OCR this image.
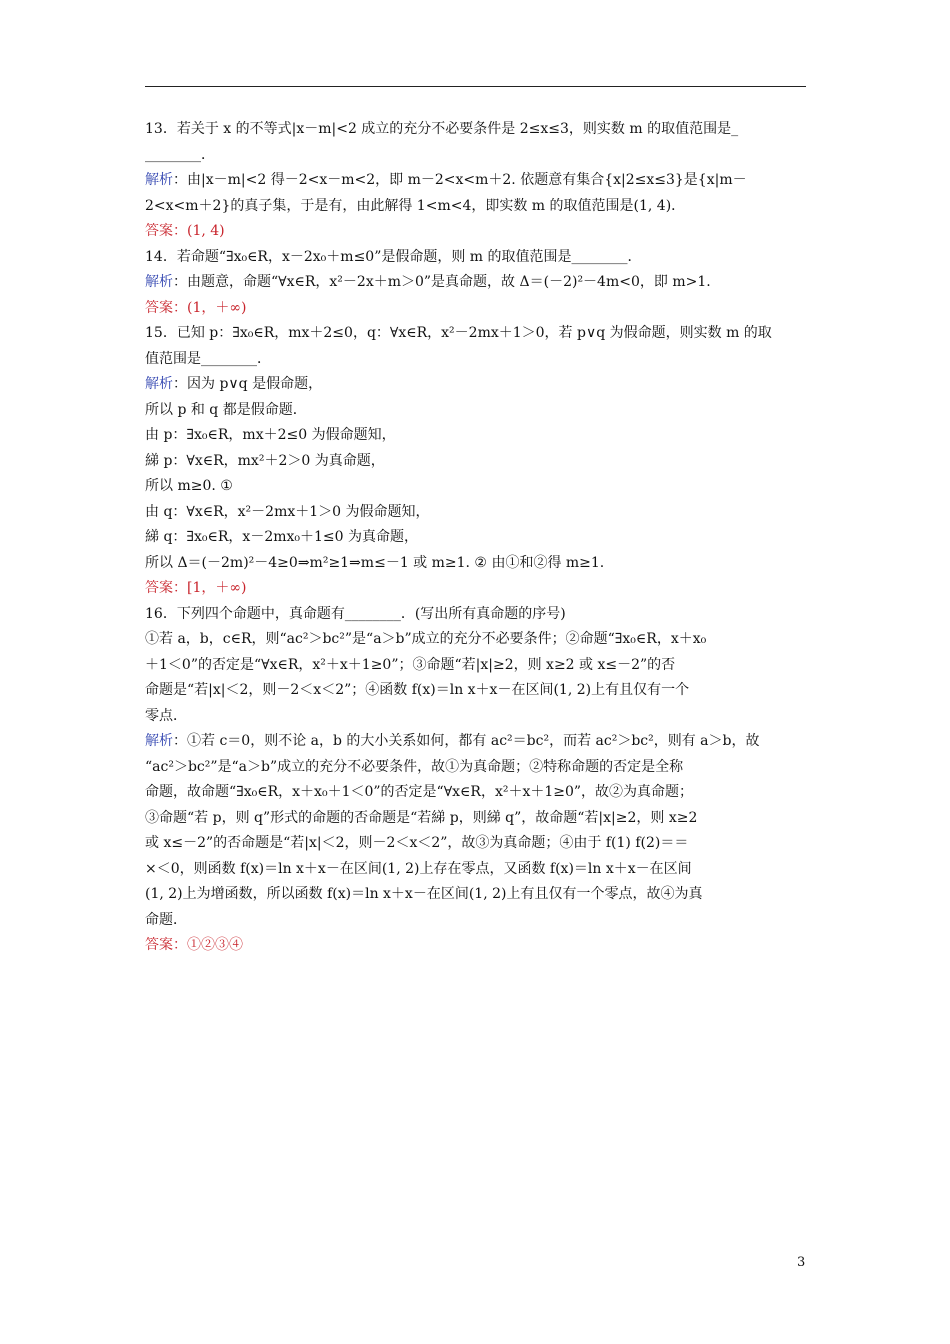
13．若关于 x 的不等式|x－m|<2 成立的充分不必要条件是 2≤x≤3，则实数 m 的取值范围是_
________．
解析：由|x－m|<2 得－2<x－m<2，即 m－2<x<m＋2. 依题意有集合{x|2≤x≤3}是{x|m－
2<x<m＋2}的真子集，于是有，由此解得 1<m<4，即实数 m 的取值范围是(1, 4)．
答案：(1, 4)
14．若命题“∃x₀∈R，x－2x₀＋m≤0”是假命题，则 m 的取值范围是________．
解析：由题意，命题“∀x∈R，x²－2x＋m＞0”是真命题，故 Δ＝(－2)²－4m<0，即 m>1.
答案：(1，＋∞)
15．已知 p：∃x₀∈R，mx＋2≤0，q：∀x∈R，x²－2mx＋1＞0，若 p∨q 为假命题，则实数 m 的取
值范围是________．
解析：因为 p∨q 是假命题，
所以 p 和 q 都是假命题．
由 p：∃x₀∈R，mx＋2≤0 为假命题知，
綈 p：∀x∈R，mx²＋2＞0 为真命题，
所以 m≥0. ①
由 q：∀x∈R，x²－2mx＋1＞0 为假命题知，
綈 q：∃x₀∈R，x－2mx₀＋1≤0 为真命题，
所以 Δ＝(－2m)²－4≥0⇒m²≥1⇒m≤－1 或 m≥1. ② 由①和②得 m≥1.
答案：[1，＋∞)
16．下列四个命题中，真命题有________．(写出所有真命题的序号)
①若 a，b，c∈R，则“ac²＞bc²”是“a＞b”成立的充分不必要条件；②命题“∃x₀∈R，x＋x₀
＋1＜0”的否定是“∀x∈R，x²＋x＋1≥0”；③命题“若|x|≥2，则 x≥2 或 x≤－2”的否
命题是“若|x|＜2，则－2＜x＜2”；④函数 f(x)＝ln x＋x－在区间(1, 2)上有且仅有一个
零点．
解析：①若 c＝0，则不论 a，b 的大小关系如何，都有 ac²＝bc²，而若 ac²＞bc²，则有 a＞b，故
“ac²＞bc²”是“a＞b”成立的充分不必要条件，故①为真命题；②特称命题的否定是全称
命题，故命题“∃x₀∈R，x＋x₀＋1＜0”的否定是“∀x∈R，x²＋x＋1≥0”，故②为真命题；
③命题“若 p，则 q”形式的命题的否命题是“若綈 p，则綈 q”，故命题“若|x|≥2，则 x≥2
或 x≤－2”的否命题是“若|x|＜2，则－2＜x＜2”，故③为真命题；④由于 f(1) f(2)＝＝
×＜0，则函数 f(x)＝ln x＋x－在区间(1, 2)上存在零点，又函数 f(x)＝ln x＋x－在区间
(1, 2)上为增函数，所以函数 f(x)＝ln x＋x－在区间(1, 2)上有且仅有一个零点，故④为真
命题．
答案：①②③④
3
